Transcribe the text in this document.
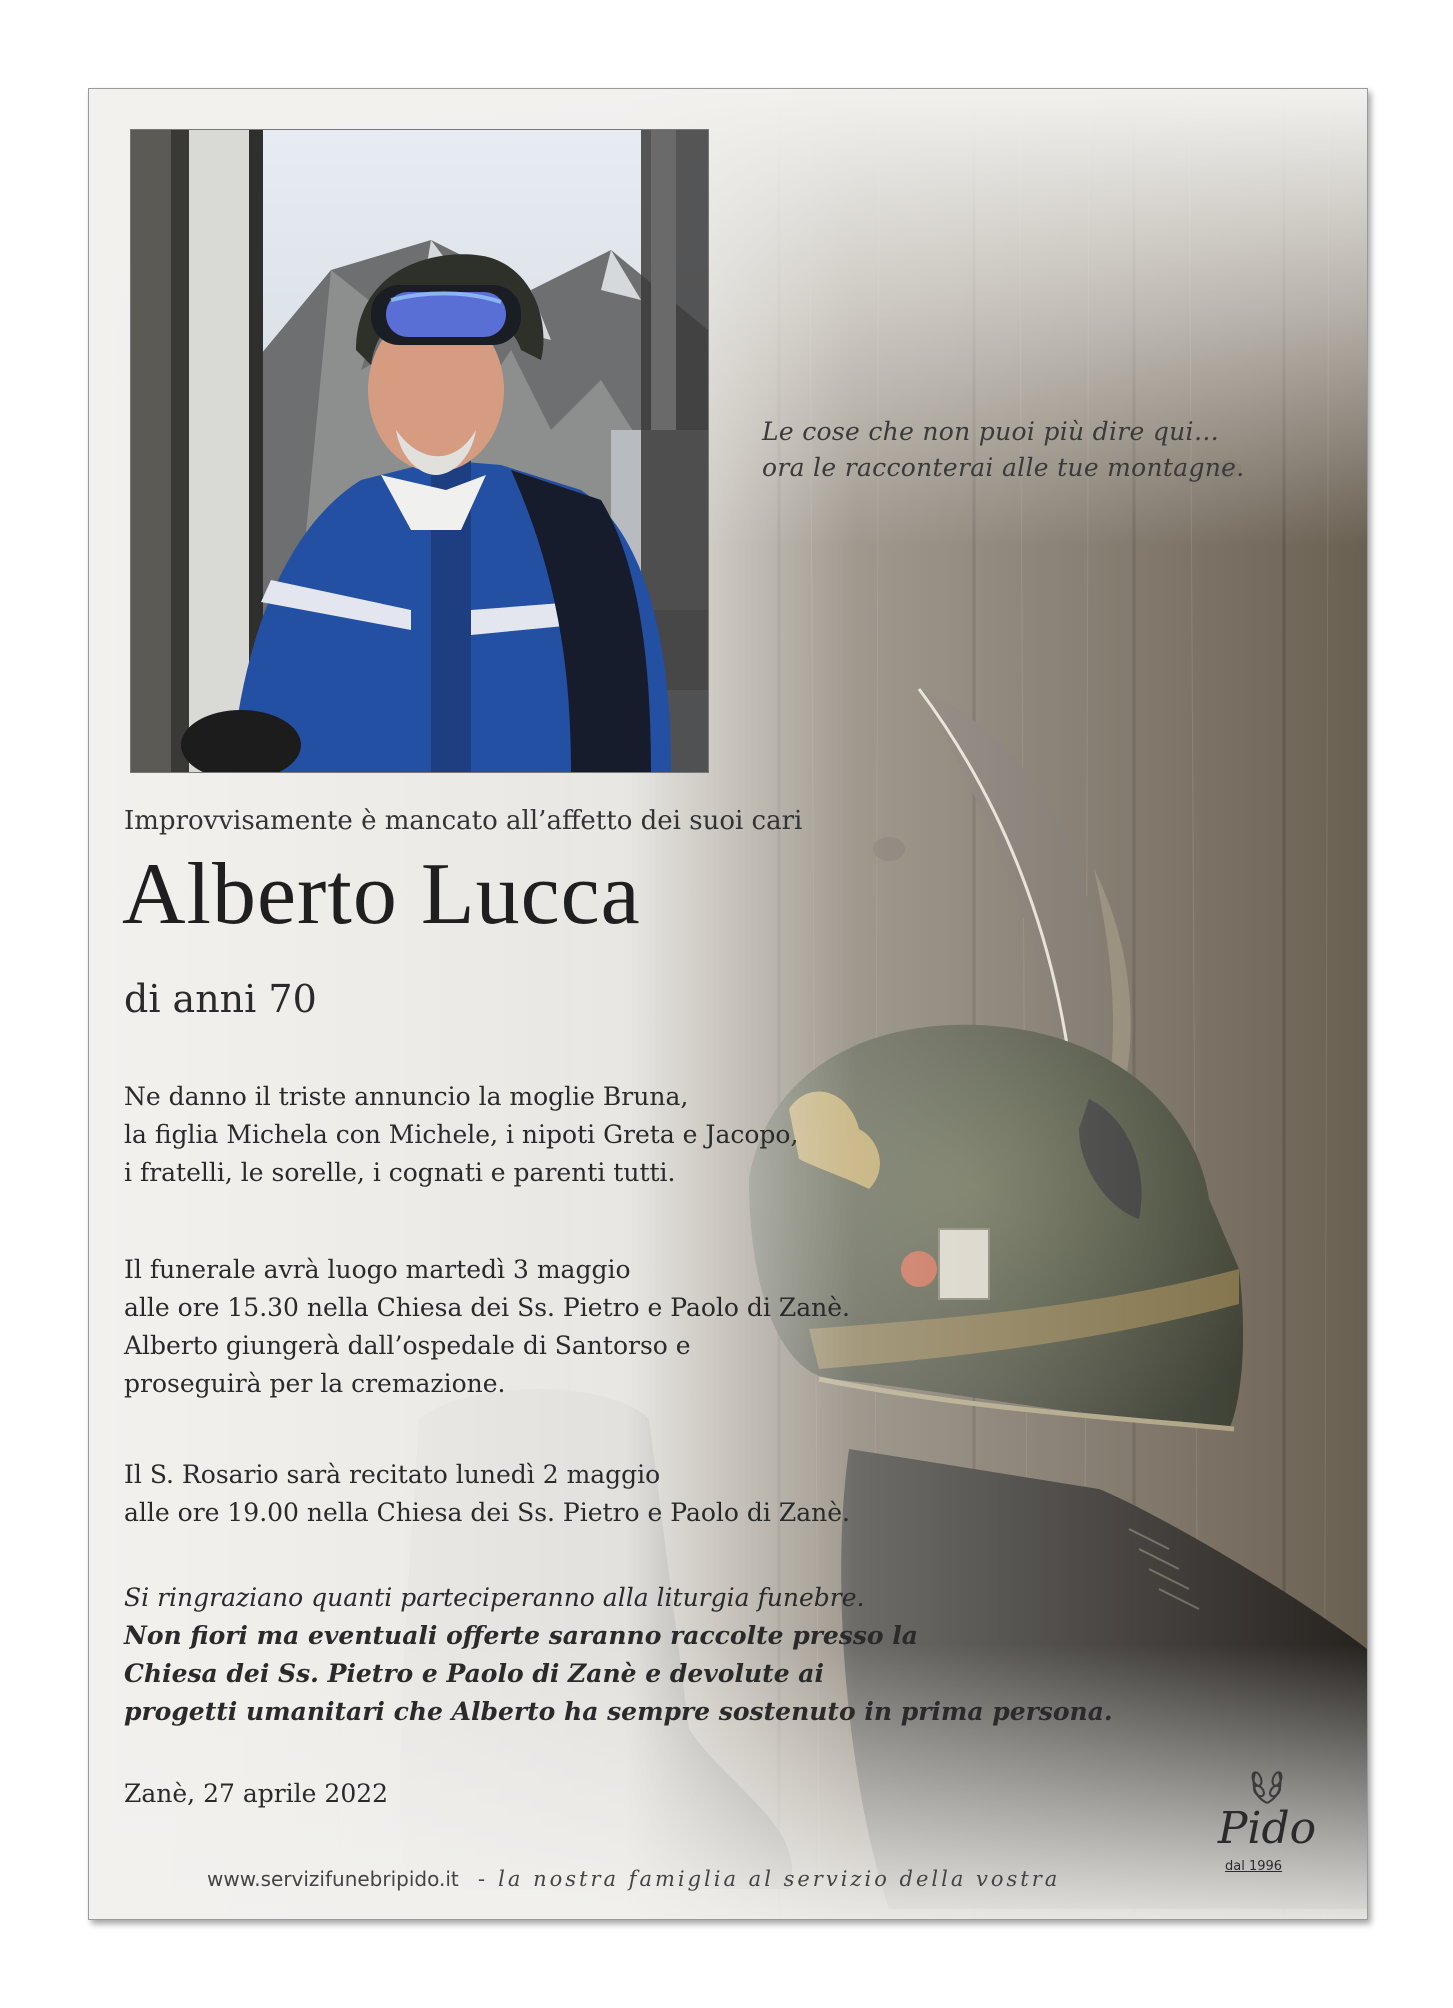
Le cose che non puoi più dire qui…
ora le racconterai alle tue montagne.
Improvvisamente è mancato all’affetto dei suoi cari
Alberto Lucca
di anni 70
Ne danno il triste annuncio la moglie Bruna,
la figlia Michela con Michele, i nipoti Greta e Jacopo,
i fratelli, le sorelle, i cognati e parenti tutti.
Il funerale avrà luogo martedì 3 maggio
alle ore 15.30 nella Chiesa dei Ss. Pietro e Paolo di Zanè.
Alberto giungerà dall’ospedale di Santorso e
proseguirà per la cremazione.
Il S. Rosario sarà recitato lunedì 2 maggio
alle ore 19.00 nella Chiesa dei Ss. Pietro e Paolo di Zanè.
Si ringraziano quanti parteciperanno alla liturgia funebre.
Non fiori ma eventuali offerte saranno raccolte presso la
Chiesa dei Ss. Pietro e Paolo di Zanè e devolute ai
progetti umanitari che Alberto ha sempre sostenuto in prima persona.
Zanè, 27 aprile 2022
www.servizifunebripido.it - la nostra famiglia al servizio della vostra
Pido
dal 1996
